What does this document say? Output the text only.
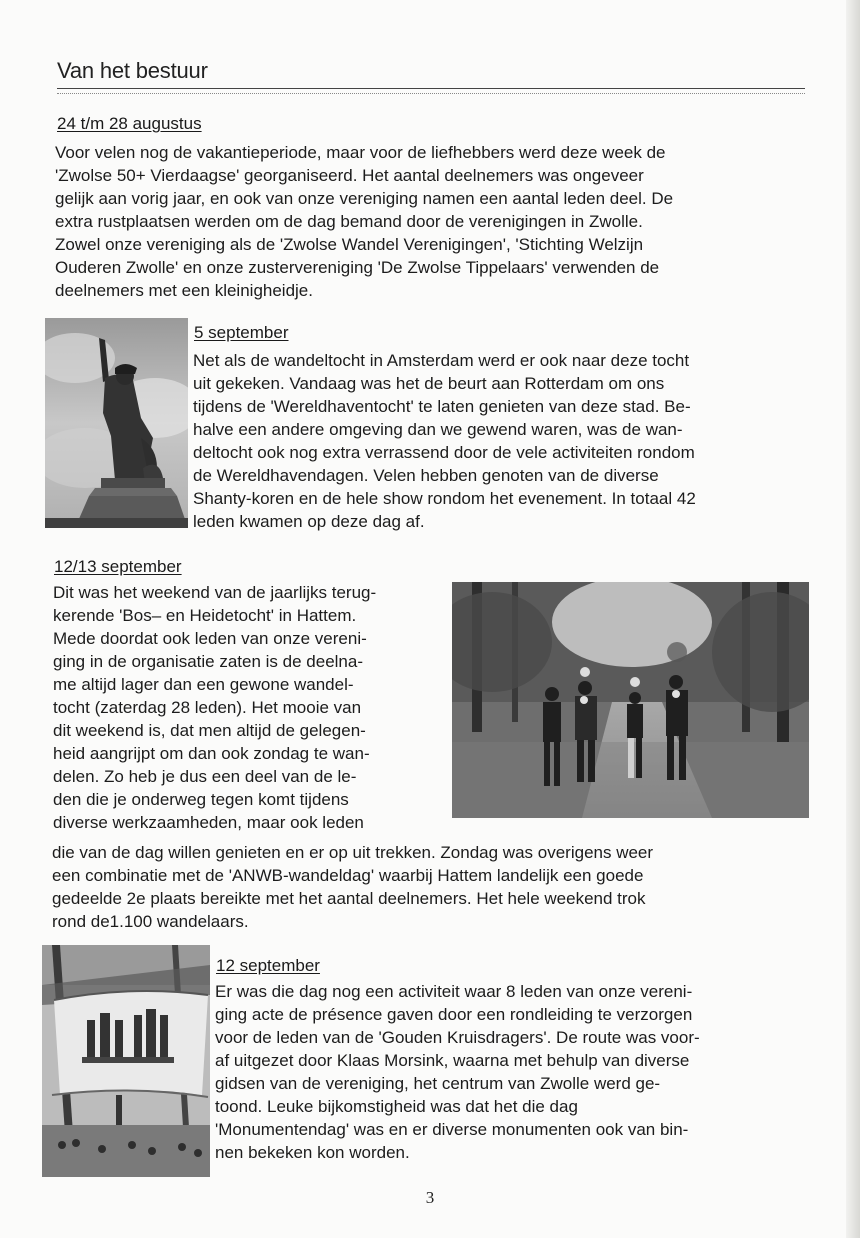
Van het bestuur
24 t/m 28 augustus
Voor velen nog de vakantieperiode, maar voor de liefhebbers werd deze week de
'Zwolse 50+ Vierdaagse' georganiseerd. Het aantal deelnemers was ongeveer
gelijk aan vorig jaar, en ook van onze vereniging namen een aantal leden deel. De
extra rustplaatsen werden om de dag bemand door de verenigingen in Zwolle.
Zowel onze vereniging als de 'Zwolse Wandel Verenigingen', 'Stichting Welzijn
Ouderen Zwolle' en onze zustervereniging 'De Zwolse Tippelaars' verwenden de
deelnemers met een kleinigheidje.
5 september
Net als de wandeltocht in Amsterdam werd er ook naar deze tocht
uit gekeken. Vandaag was het de beurt aan Rotterdam om ons
tijdens de 'Wereldhaventocht' te laten genieten van deze stad. Be-
halve een andere omgeving dan we gewend waren, was de wan-
deltocht ook nog extra verrassend door de vele activiteiten rondom
de Wereldhavendagen. Velen hebben genoten van de diverse
Shanty-koren en de hele show rondom het evenement. In totaal 42
leden kwamen op deze dag af.
12/13 september
Dit was het weekend van de jaarlijks terug-
kerende 'Bos– en Heidetocht' in Hattem.
Mede doordat ook leden van onze vereni-
ging in de organisatie zaten is de deelna-
me altijd lager dan een gewone wandel-
tocht (zaterdag 28 leden). Het mooie van
dit weekend is, dat men altijd de gelegen-
heid aangrijpt om dan ook zondag te wan-
delen. Zo heb je dus een deel van de le-
den die je onderweg tegen komt tijdens
diverse werkzaamheden, maar ook leden
die van de dag willen genieten en er op uit trekken. Zondag was overigens weer
een combinatie met de 'ANWB-wandeldag' waarbij Hattem landelijk een goede
gedeelde 2e plaats bereikte met het aantal deelnemers. Het hele weekend trok
rond de1.100 wandelaars.
12 september
Er was die dag nog een activiteit waar 8 leden van onze vereni-
ging acte de présence gaven door een rondleiding te verzorgen
voor de leden van de 'Gouden Kruisdragers'. De route was voor-
af uitgezet door Klaas Morsink, waarna met behulp van diverse
gidsen van de vereniging, het centrum van Zwolle werd ge-
toond. Leuke bijkomstigheid was dat het die dag
'Monumentendag' was en er diverse monumenten ook van bin-
nen bekeken kon worden.
3
